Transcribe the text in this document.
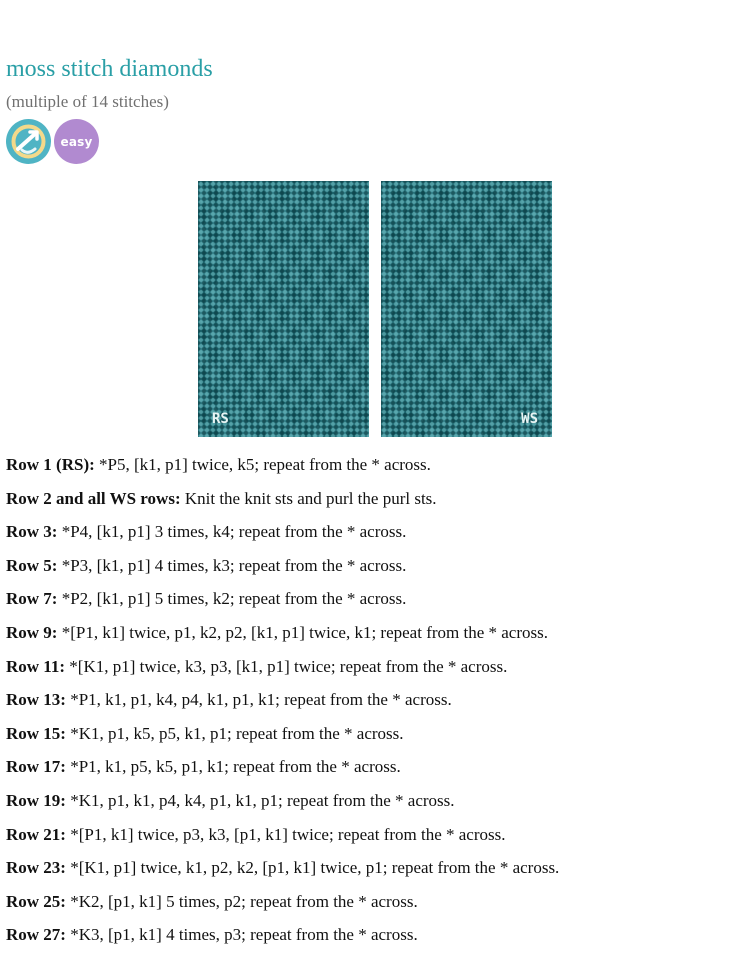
moss stitch diamonds
(multiple of 14 stitches)
easy
RS	WS
Row 1 (RS): *P5, [k1, p1] twice, k5; repeat from the * across.
Row 2 and all WS rows: Knit the knit sts and purl the purl sts.
Row 3: *P4, [k1, p1] 3 times, k4; repeat from the * across.
Row 5: *P3, [k1, p1] 4 times, k3; repeat from the * across.
Row 7: *P2, [k1, p1] 5 times, k2; repeat from the * across.
Row 9: *[P1, k1] twice, p1, k2, p2, [k1, p1] twice, k1; repeat from the * across.
Row 11: *[K1, p1] twice, k3, p3, [k1, p1] twice; repeat from the * across.
Row 13: *P1, k1, p1, k4, p4, k1, p1, k1; repeat from the * across.
Row 15: *K1, p1, k5, p5, k1, p1; repeat from the * across.
Row 17: *P1, k1, p5, k5, p1, k1; repeat from the * across.
Row 19: *K1, p1, k1, p4, k4, p1, k1, p1; repeat from the * across.
Row 21: *[P1, k1] twice, p3, k3, [p1, k1] twice; repeat from the * across.
Row 23: *[K1, p1] twice, k1, p2, k2, [p1, k1] twice, p1; repeat from the * across.
Row 25: *K2, [p1, k1] 5 times, p2; repeat from the * across.
Row 27: *K3, [p1, k1] 4 times, p3; repeat from the * across.
